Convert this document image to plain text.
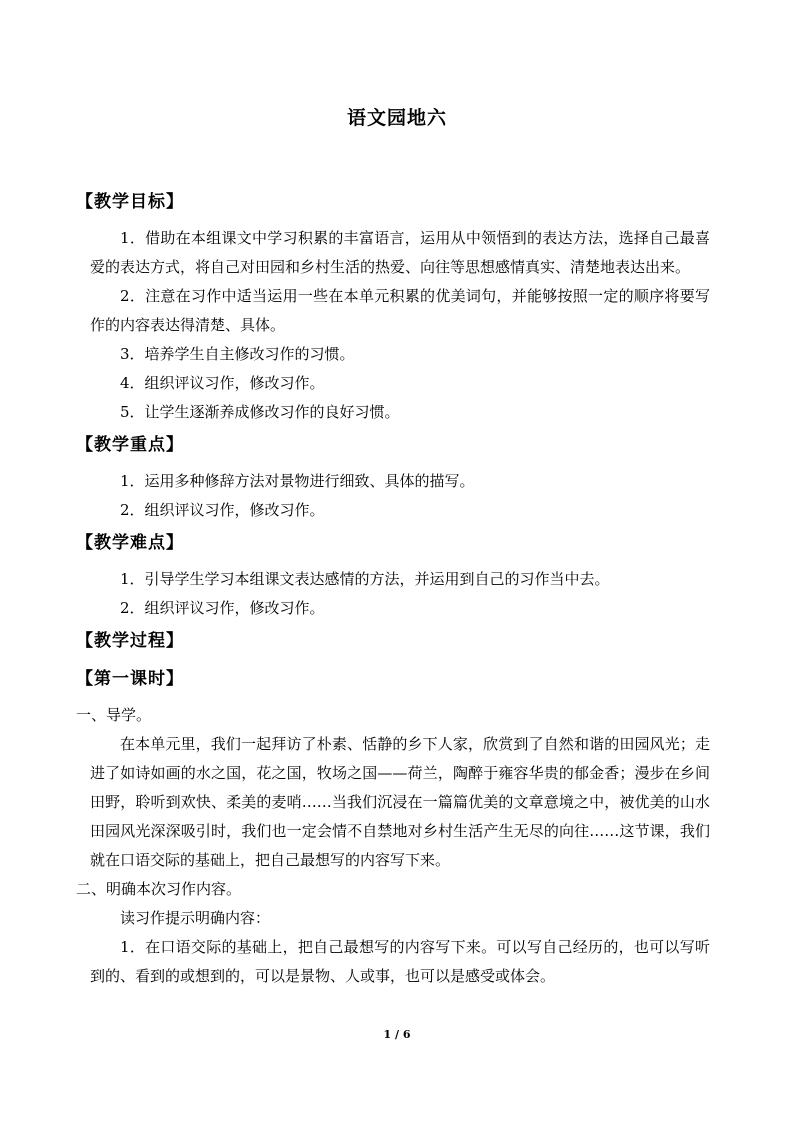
语文园地六
【教学目标】

1．借助在本组课文中学习积累的丰富语言，运用从中领悟到的表达方法，选择自己最喜爱的表达方式，将自己对田园和乡村生活的热爱、向往等思想感情真实、清楚地表达出来。

2．注意在习作中适当运用一些在本单元积累的优美词句，并能够按照一定的顺序将要写作的内容表达得清楚、具体。

3．培养学生自主修改习作的习惯。

4．组织评议习作，修改习作。

5．让学生逐渐养成修改习作的良好习惯。

【教学重点】

1．运用多种修辞方法对景物进行细致、具体的描写。

2．组织评议习作，修改习作。

【教学难点】

1．引导学生学习本组课文表达感情的方法，并运用到自己的习作当中去。

2．组织评议习作，修改习作。

【教学过程】
【第一课时】

一、导学。

在本单元里，我们一起拜访了朴素、恬静的乡下人家，欣赏到了自然和谐的田园风光；走进了如诗如画的水之国，花之国，牧场之国——荷兰，陶醉于雍容华贵的郁金香；漫步在乡间田野，聆听到欢快、柔美的麦哨……当我们沉浸在一篇篇优美的文章意境之中，被优美的山水田园风光深深吸引时，我们也一定会情不自禁地对乡村生活产生无尽的向往……这节课，我们就在口语交际的基础上，把自己最想写的内容写下来。

二、明确本次习作内容。

读习作提示明确内容：

1．在口语交际的基础上，把自己最想写的内容写下来。可以写自己经历的，也可以写听到的、看到的或想到的，可以是景物、人或事，也可以是感受或体会。

1 / 6
